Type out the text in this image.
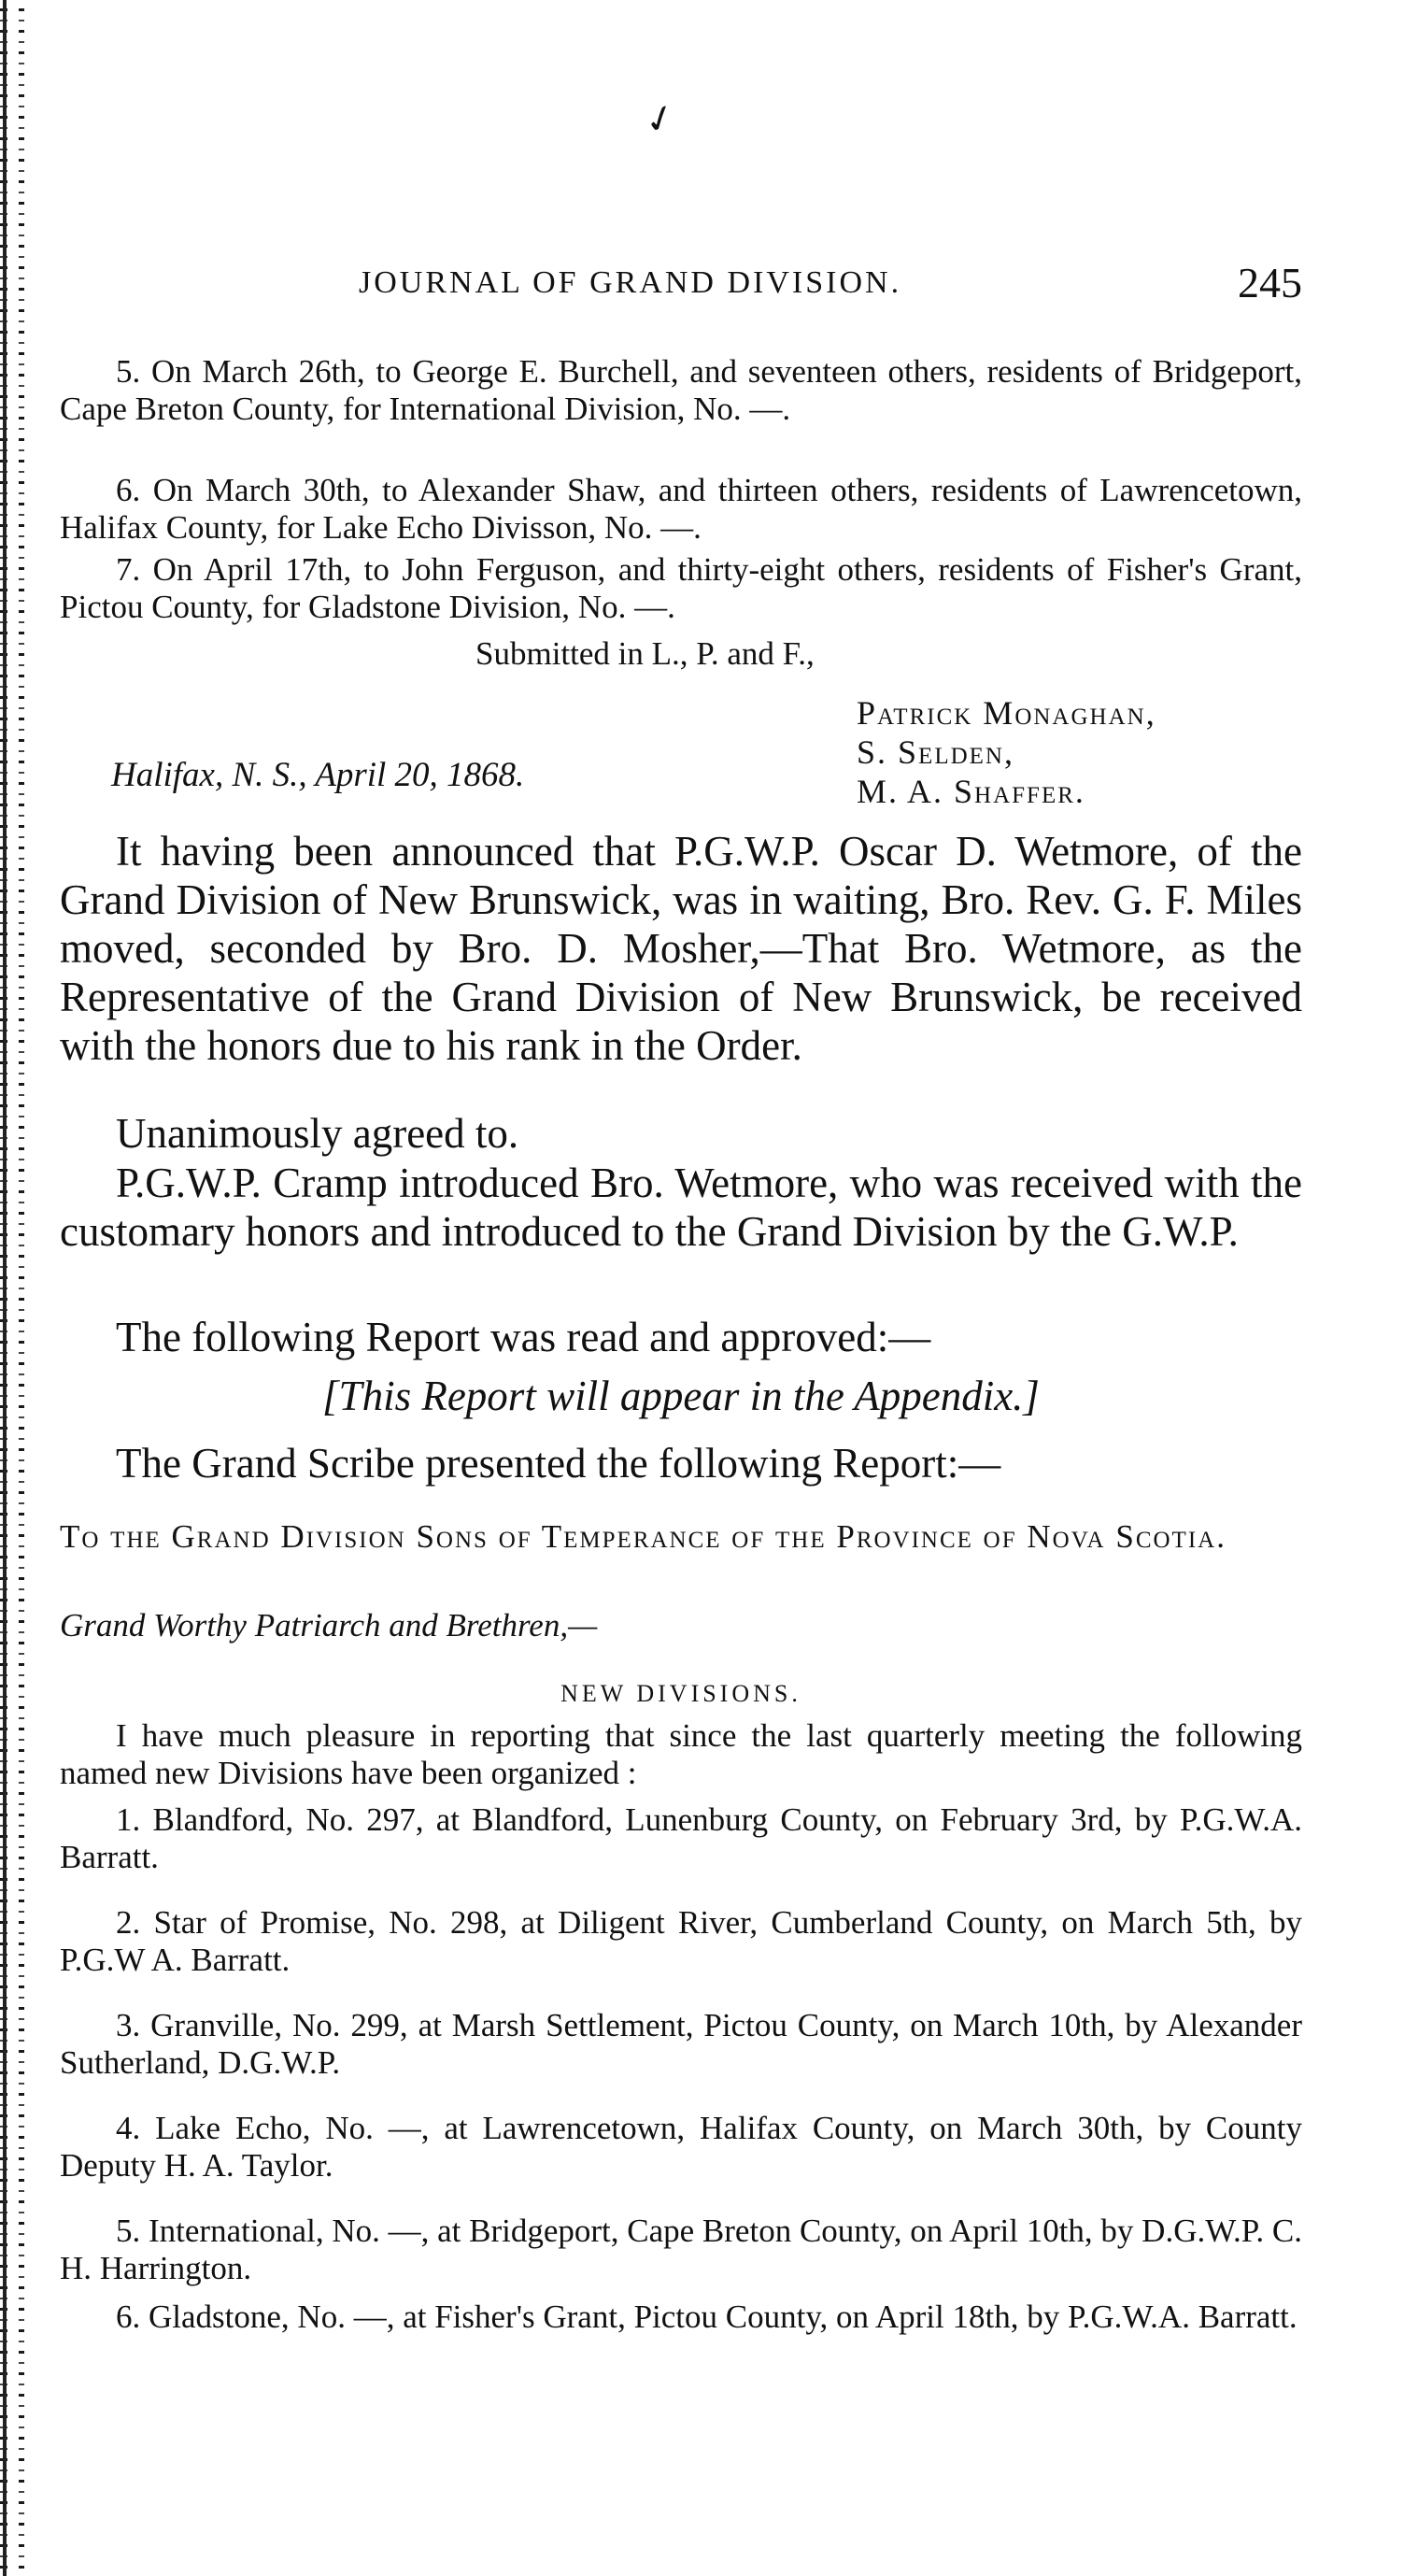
✓
JOURNAL OF GRAND DIVISION.	245

5. On March 26th, to George E. Burchell, and seventeen others, residents of Bridgeport, Cape Breton County, for International Division, No. —.

6. On March 30th, to Alexander Shaw, and thirteen others, residents of Lawrencetown, Halifax County, for Lake Echo Divisson, No. —.

7. On April 17th, to John Ferguson, and thirty-eight others, residents of Fisher's Grant, Pictou County, for Gladstone Division, No. —.

Submitted in L., P. and F.,

Patrick Monaghan,
S. Selden,
M. A. Shaffer.

Halifax, N. S., April 20, 1868.

It having been announced that P.G.W.P. Oscar D. Wetmore, of the Grand Division of New Brunswick, was in waiting, Bro. Rev. G. F. Miles moved, seconded by Bro. D. Mosher,—That Bro. Wetmore, as the Representative of the Grand Division of New Brunswick, be received with the honors due to his rank in the Order.

Unanimously agreed to.

P.G.W.P. Cramp introduced Bro. Wetmore, who was received with the customary honors and introduced to the Grand Division by the G.W.P.

The following Report was read and approved:—

[This Report will appear in the Appendix.]

The Grand Scribe presented the following Report:—

To the Grand Division Sons of Temperance of the Province of Nova Scotia.

Grand Worthy Patriarch and Brethren,—

NEW DIVISIONS.

I have much pleasure in reporting that since the last quarterly meeting the following named new Divisions have been organized :

1. Blandford, No. 297, at Blandford, Lunenburg County, on February 3rd, by P.G.W.A. Barratt.

2. Star of Promise, No. 298, at Diligent River, Cumberland County, on March 5th, by P.G.W A. Barratt.

3. Granville, No. 299, at Marsh Settlement, Pictou County, on March 10th, by Alexander Sutherland, D.G.W.P.

4. Lake Echo, No. —, at Lawrencetown, Halifax County, on March 30th, by County Deputy H. A. Taylor.

5. International, No. —, at Bridgeport, Cape Breton County, on April 10th, by D.G.W.P. C. H. Harrington.

6. Gladstone, No. —, at Fisher's Grant, Pictou County, on April 18th, by P.G.W.A. Barratt.
